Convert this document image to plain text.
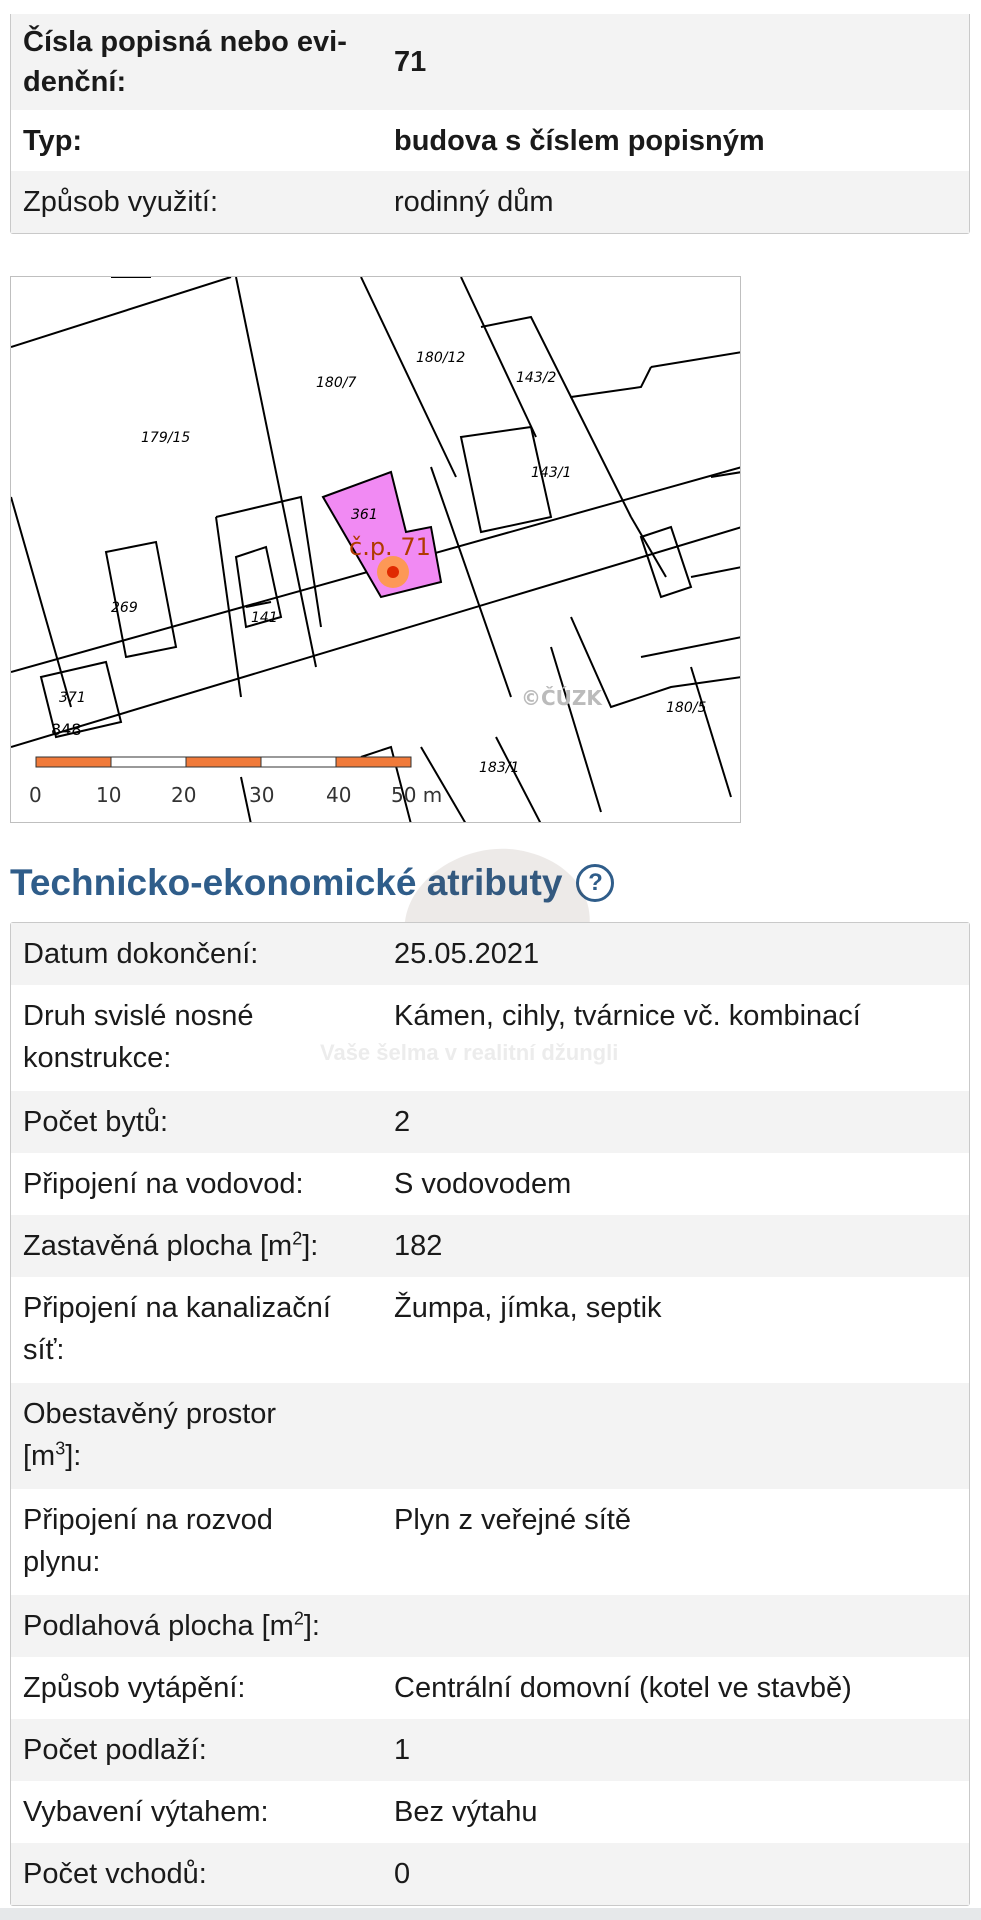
Čísla popisná nebo evi-
denční:
71
Typ:	budova s číslem popisným
Způsob využití:	rodinný dům
179/15
180/7
180/12
143/2
143/1
269
141
371
180/5
183/1
848
361
č.p. 71
©ČÚZK
0	10 20	30	40 50 m
Technicko-ekonomické atributy	?
Datum dokončení:	25.05.2021
Druh svislé nosné konstrukce:
Kámen, cihly, tvárnice vč. kombinací
Počet bytů:	2
Připojení na vodovod:	S vodovodem
Zastavěná plocha $[m^2]$:	182
Připojení na kanalizační síť:
Žumpa, jímka, septik
Obestavěný prostor $[m^3]$:
Připojení na rozvod plynu:
Plyn z veřejné sítě
Podlahová plocha $[m^2]$:
Způsob vytápění:	Centrální domovní (kotel ve stavbě)
Počet podlaží:	1
Vybavení výtahem:	Bez výtahu
Počet vchodů:	0
Vaše šelma v realitní džungli
